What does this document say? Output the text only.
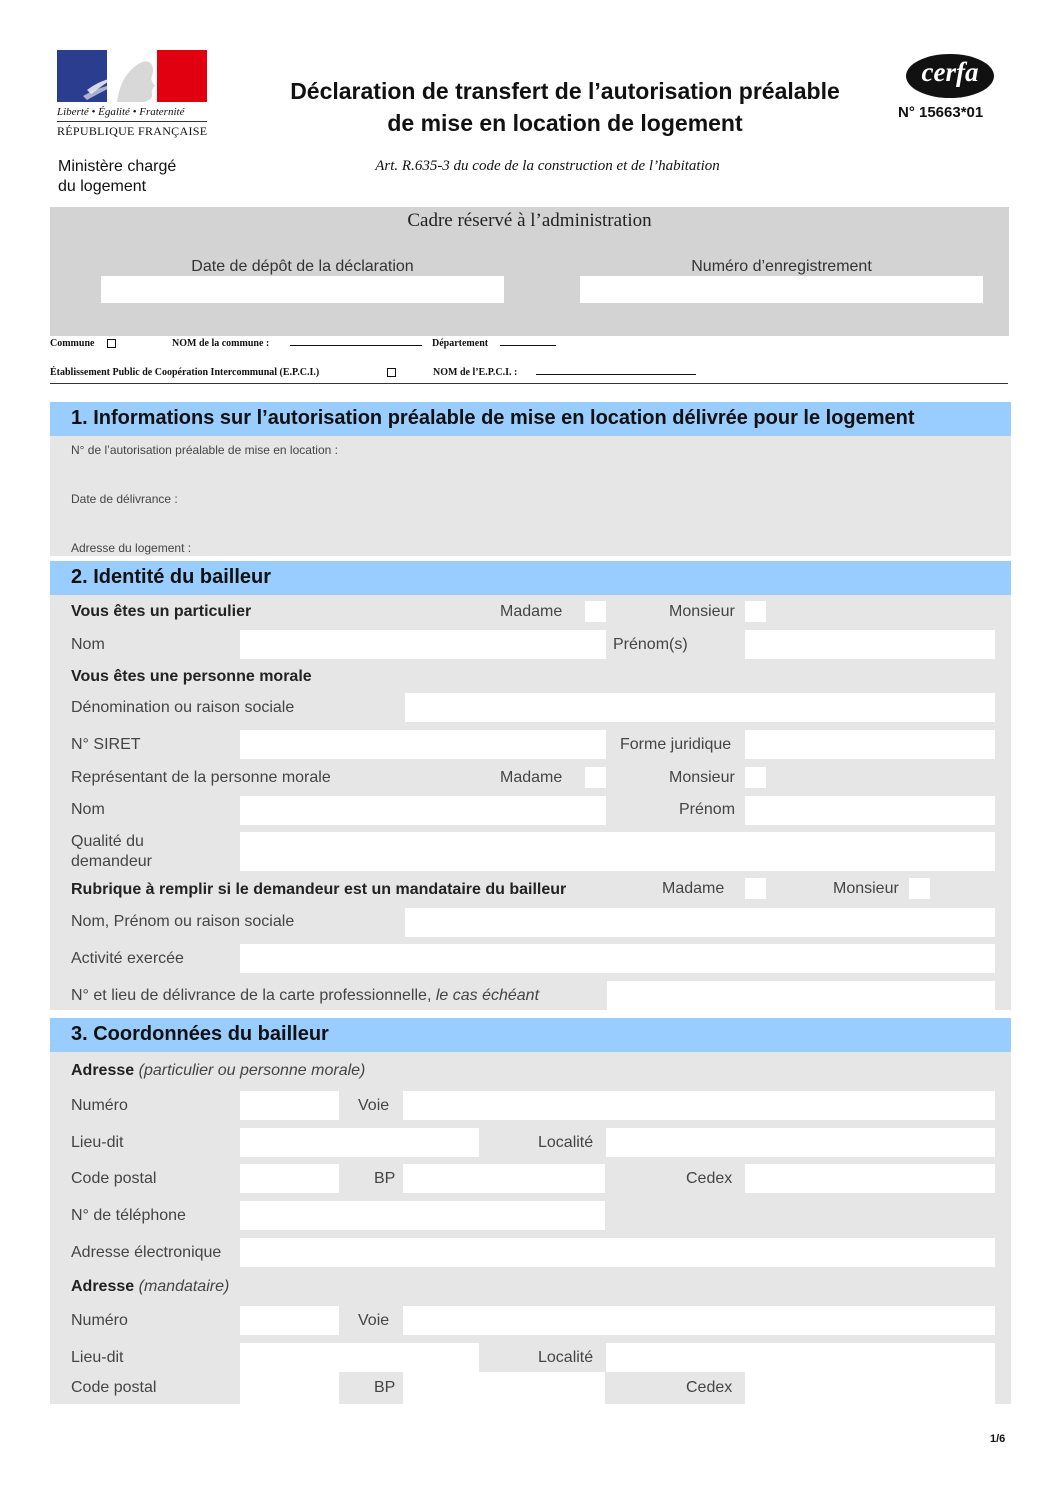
Liberté • Égalité • Fraternité
RÉPUBLIQUE FRANÇAISE
Ministère chargé
du logement
Déclaration de transfert de l’autorisation préalable
de mise en location de logement
Art. R.635-3 du code de la construction et de l’habitation
cerfa
N° 15663*01
Cadre réservé à l’administration
Date de dépôt de la déclaration	Numéro d’enregistrement
Commune	NOM de la commune :	Département
Établissement Public de Coopération Intercommunal (E.P.C.I.)	NOM de l’E.P.C.I. :
1. Informations sur l’autorisation préalable de mise en location délivrée pour le logement
N° de l’autorisation préalable de mise en location :
Date de délivrance :
Adresse du logement :
2. Identité du bailleur
Vous êtes un particulier	Madame	Monsieur
Nom	Prénom(s)
Vous êtes une personne morale
Dénomination ou raison sociale
N° SIRET	Forme juridique
Représentant de la personne morale	Madame	Monsieur
Nom	Prénom
Qualité du
demandeur
Rubrique à remplir si le demandeur est un mandataire du bailleur	Madame	Monsieur
Nom, Prénom ou raison sociale
Activité exercée
N° et lieu de délivrance de la carte professionnelle, le cas échéant
3. Coordonnées du bailleur
Adresse (particulier ou personne morale)
Numéro	Voie
Lieu-dit	Localité
Code postal	BP	Cedex
N° de téléphone
Adresse électronique
Adresse (mandataire)
Numéro	Voie
Lieu-dit	Localité
Code postal	BP	Cedex
1/6
